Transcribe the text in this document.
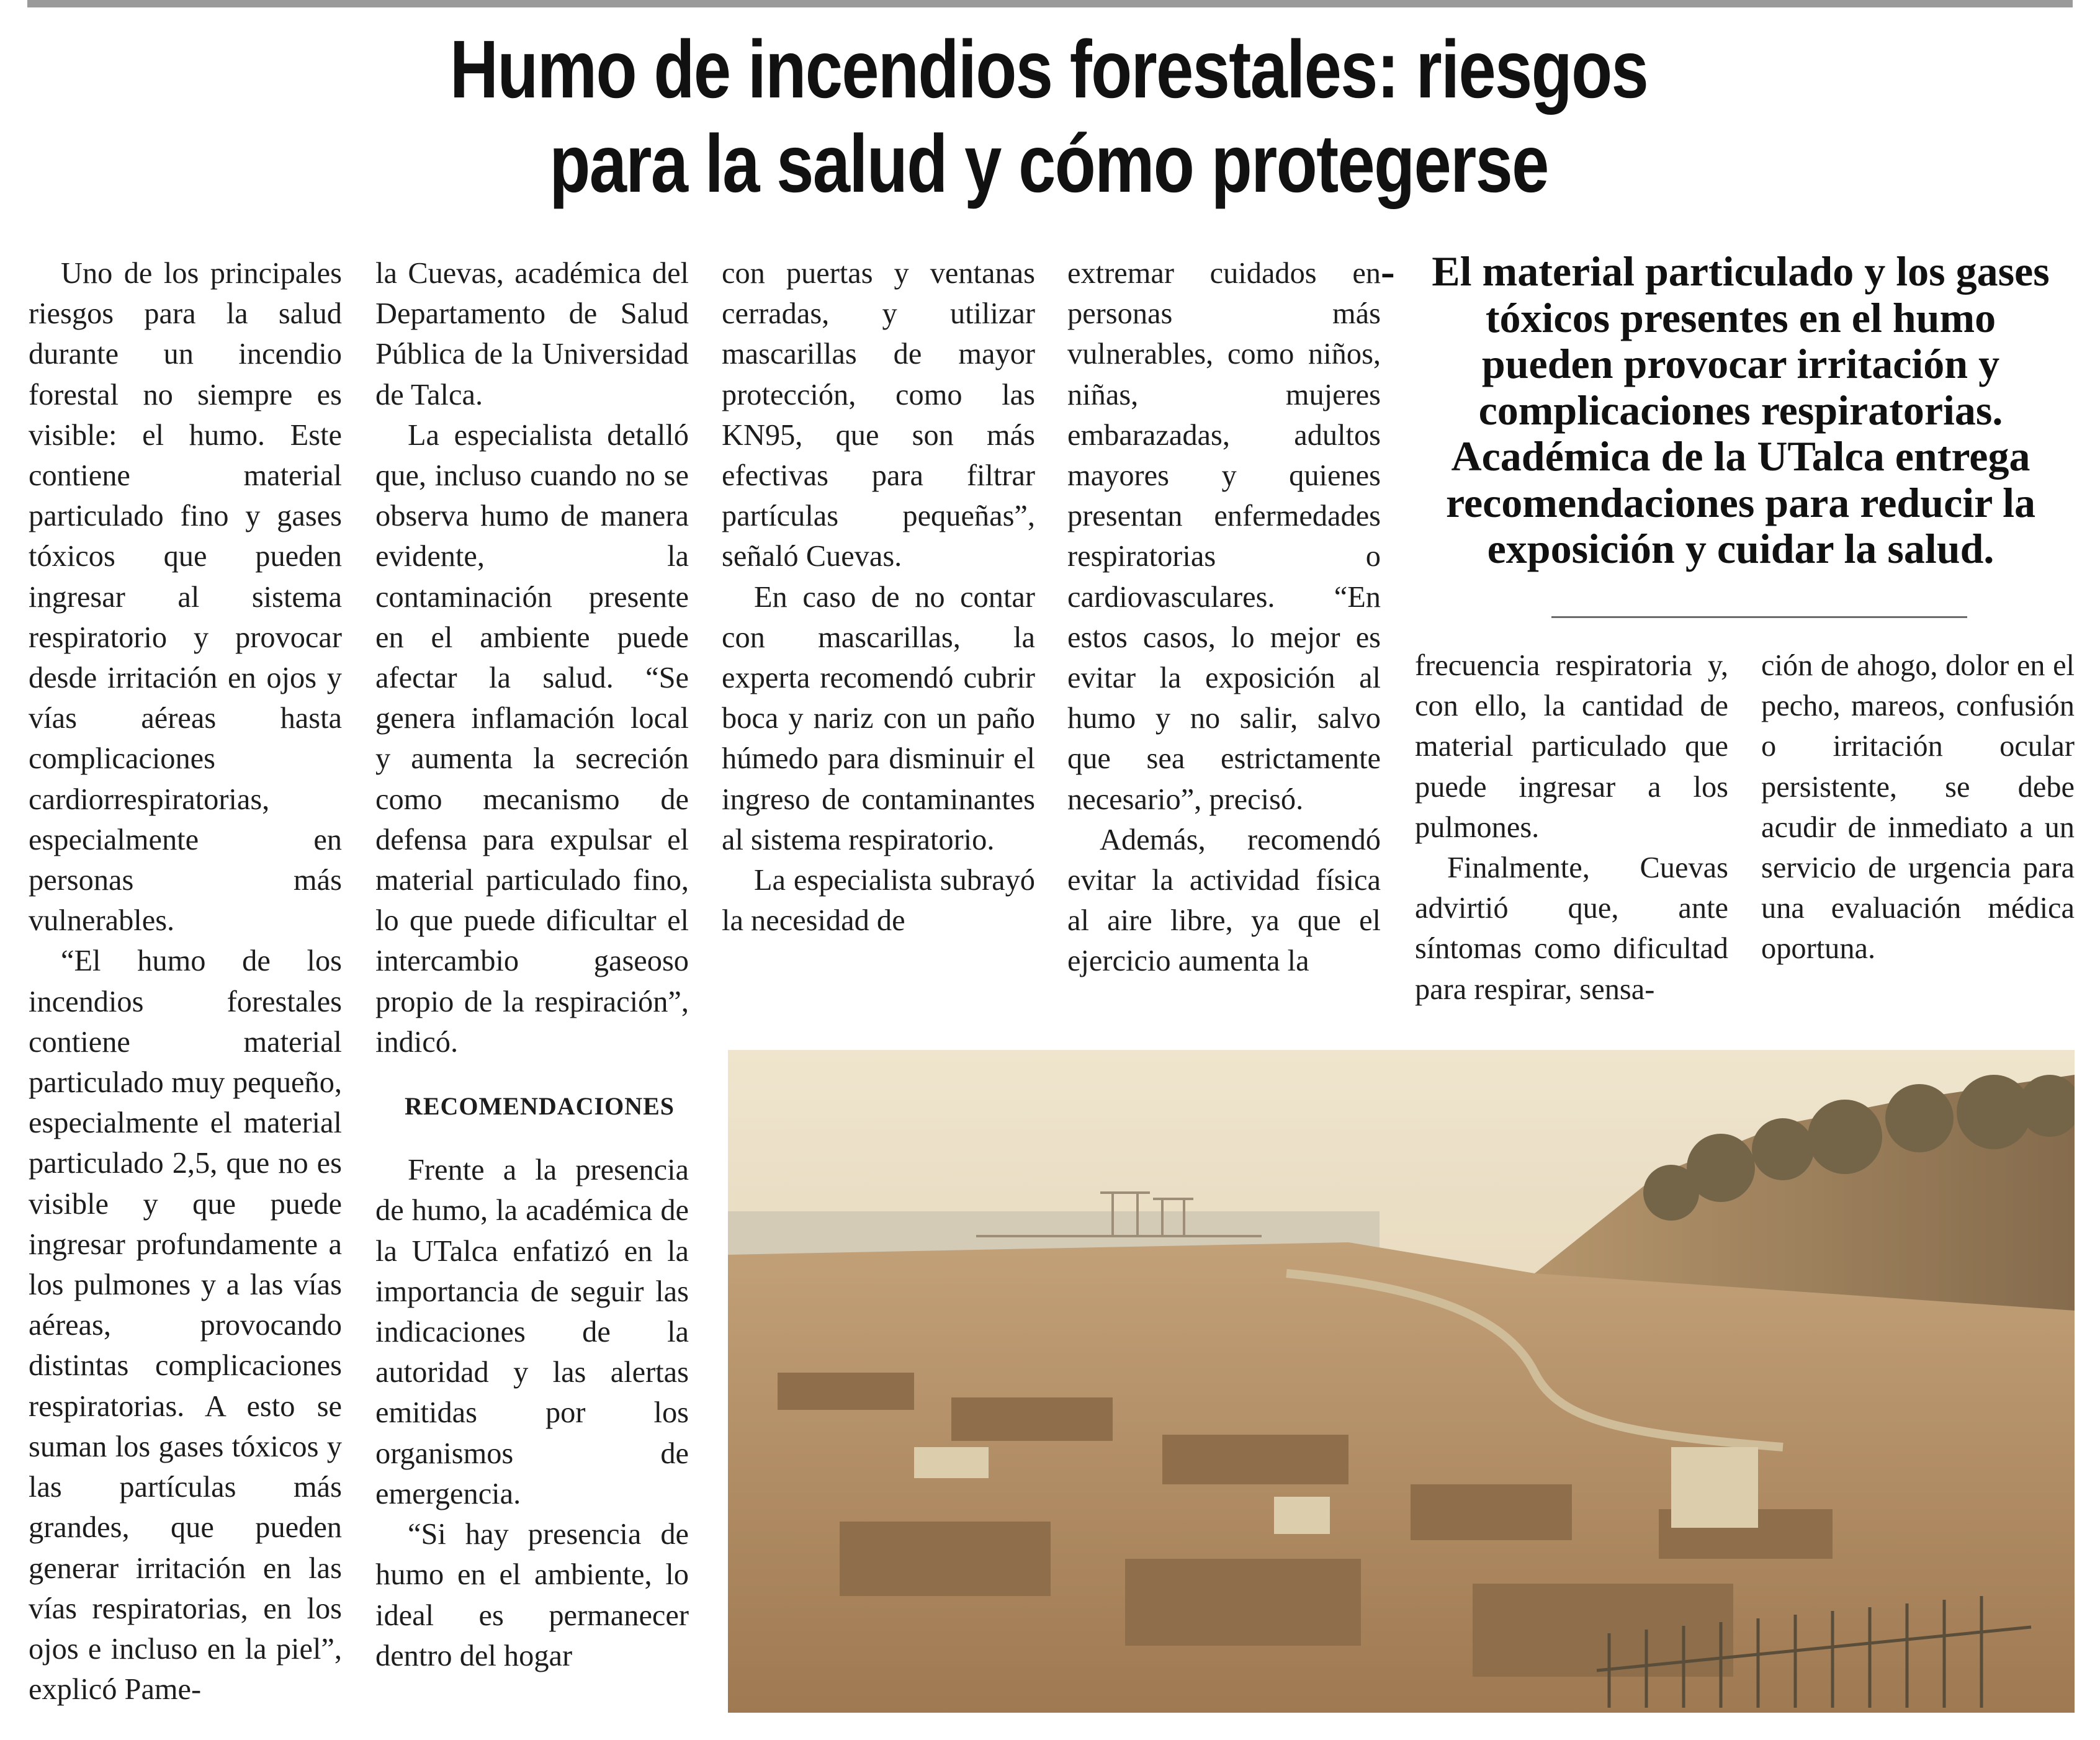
Humo de incendios forestales: riesgos
para la salud y cómo protegerse

Uno de los principales riesgos para la salud durante un incendio forestal no siempre es visible: el humo. Este contiene material particulado fino y gases tóxicos que pueden ingresar al sistema respiratorio y provocar desde irritación en ojos y vías aéreas hasta complicaciones cardiorrespiratorias, especialmente en personas más vulnerables.

“El humo de los incendios forestales contiene material particulado muy pequeño, especialmente el material particulado 2,5, que no es visible y que puede ingresar profundamente a los pulmones y a las vías aéreas, provocando distintas complicaciones respiratorias. A esto se suman los gases tóxicos y las partículas más grandes, que pueden generar irritación en las vías respiratorias, en los ojos e incluso en la piel”, explicó Pame-

la Cuevas, académica del Departamento de Salud Pública de la Universidad de Talca.

La especialista detalló que, incluso cuando no se observa humo de manera evidente, la contaminación presente en el ambiente puede afectar la salud. “Se genera inflamación local y aumenta la secreción como mecanismo de defensa para expulsar el material particulado fino, lo que puede dificultar el intercambio gaseoso propio de la respiración”, indicó.

RECOMENDACIONES

Frente a la presencia de humo, la académica de la UTalca enfatizó en la importancia de seguir las indicaciones de la autoridad y las alertas emitidas por los organismos de emergencia.

“Si hay presencia de humo en el ambiente, lo ideal es permanecer dentro del hogar

con puertas y ventanas cerradas, y utilizar mascarillas de mayor protección, como las KN95, que son más efectivas para filtrar partículas pequeñas”, señaló Cuevas.

En caso de no contar con mascarillas, la experta recomendó cubrir boca y nariz con un paño húmedo para disminuir el ingreso de contaminantes al sistema respiratorio.

La especialista subrayó la necesidad de

extremar cuidados en personas más vulnerables, como niños, niñas, mujeres embarazadas, adultos mayores y quienes presentan enfermedades respiratorias o cardiovasculares. “En estos casos, lo mejor es evitar la exposición al humo y no salir, salvo que sea estrictamente necesario”, precisó.

Además, recomendó evitar la actividad física al aire libre, ya que el ejercicio aumenta la

- El material particulado y los gases tóxicos presentes en el humo pueden provocar irritación y complicaciones respiratorias. Académica de la UTalca entrega recomendaciones para reducir la exposición y cuidar la salud.

frecuencia respiratoria y, con ello, la cantidad de material particulado que puede ingresar a los pulmones.

Finalmente, Cuevas advirtió que, ante síntomas como dificultad para respirar, sensa-

ción de ahogo, dolor en el pecho, mareos, confusión o irritación ocular persistente, se debe acudir de inmediato a un servicio de urgencia para una evaluación médica oportuna.
